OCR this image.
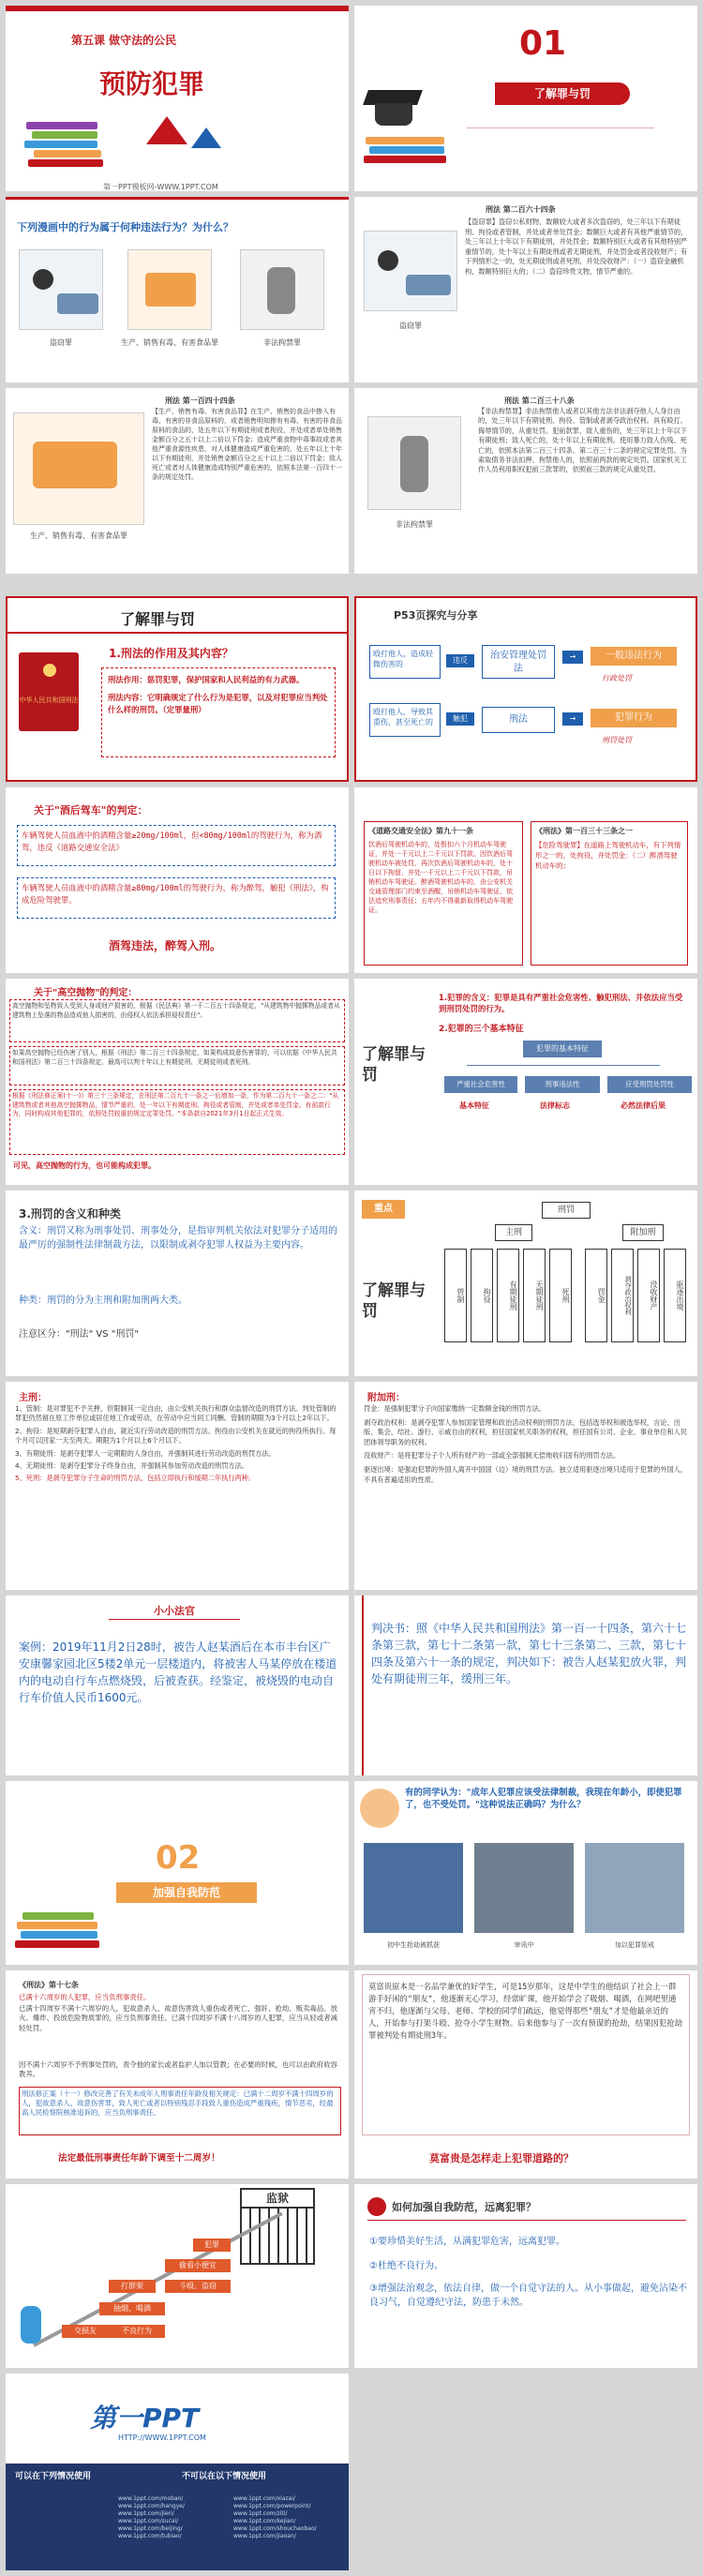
第五课 做守法的公民
预防犯罪
第一PPT模板网-WWW.1PPT.COM
01
了解罪与罚
下列漫画中的行为属于何种违法行为？为什么？
盗窃罪	生产、销售有毒、有害食品罪	非法拘禁罪
盗窃罪
刑法 第二百六十四条
【盗窃罪】盗窃公私财物，数额较大或者多次盗窃的，处三年以下有期徒刑、拘役或者管制，并处或者单处罚金；数额巨大或者有其他严重情节的，处三年以上十年以下有期徒刑，并处罚金；数额特别巨大或者有其他特别严重情节的，处十年以上有期徒刑或者无期徒刑，并处罚金或者没收财产；有下列情形之一的，处无期徒刑或者死刑，并处没收财产：（一）盗窃金融机构，数额特别巨大的；（二）盗窃珍贵文物，情节严重的。
生产、销售有毒、有害食品罪
刑法 第一百四十四条
【生产、销售有毒、有害食品罪】在生产、销售的食品中掺入有毒、有害的非食品原料的，或者销售明知掺有有毒、有害的非食品原料的食品的，处五年以下有期徒刑或者拘役，并处或者单处销售金额百分之五十以上二倍以下罚金；造成严重食物中毒事故或者其他严重食源性疾患，对人体健康造成严重危害的，处五年以上十年以下有期徒刑，并处销售金额百分之五十以上二倍以下罚金；致人死亡或者对人体健康造成特别严重危害的，依照本法第一百四十一条的规定处罚。
非法拘禁罪
刑法 第二百三十八条
【非法拘禁罪】非法拘禁他人或者以其他方法非法剥夺他人人身自由的，处三年以下有期徒刑、拘役、管制或者剥夺政治权利。具有殴打、侮辱情节的，从重处罚。犯前款罪，致人重伤的，处三年以上十年以下有期徒刑；致人死亡的，处十年以上有期徒刑。使用暴力致人伤残、死亡的，依照本法第二百三十四条、第二百三十二条的规定定罪处罚。为索取债务非法扣押、拘禁他人的，依照前两款的规定处罚。国家机关工作人员利用职权犯前三款罪的，依照前三款的规定从重处罚。
了解罪与罚
中华人民共和国刑法
1.刑法的作用及其内容？
刑法作用：惩罚犯罪，保护国家和人民利益的有力武器。
刑法内容：它明确规定了什么行为是犯罪，以及对犯罪应当判处什么样的刑罚。（定罪量刑）
P53页探究与分享
殴打他人，造成轻微伤害的
殴打他人，导致其重伤，甚至死亡的
违反
触犯
治安管理处罚法
刑法
→
→
一般违法行为
行政处罚
犯罪行为
刑罚处罚
关于"酒后驾车"的判定：
车辆驾驶人员血液中的酒精含量≥20mg/100ml，但<80mg/100ml的驾驶行为，称为酒驾，违反《道路交通安全法》
车辆驾驶人员血液中的酒精含量≥80mg/100ml的驾驶行为，称为醉驾，触犯《刑法》，构成危险驾驶罪。
酒驾违法，醉驾入刑。
《道路交通安全法》第九十一条
饮酒后驾驶机动车的，处暂扣六个月机动车驾驶证，并处一千元以上二千元以下罚款。因饮酒后驾驶机动车被处罚，再次饮酒后驾驶机动车的，处十日以下拘留，并处一千元以上二千元以下罚款，吊销机动车驾驶证。醉酒驾驶机动车的，由公安机关交通管理部门约束至酒醒，吊销机动车驾驶证，依法追究刑事责任；五年内不得重新取得机动车驾驶证。
《刑法》第一百三十三条之一
【危险驾驶罪】在道路上驾驶机动车，有下列情形之一的，处拘役，并处罚金：（二）醉酒驾驶机动车的；
关于"高空抛物"的判定：
高空抛物和坠物致人受到人身或财产损害的，根据《民法典》第一千二百五十四条规定，"从建筑物中抛掷物品或者从建筑物上坠落的物品造成他人损害的，由侵权人依法承担侵权责任"。
如果高空抛物已经伤害了别人，根据《刑法》第二百三十四条规定，如果构成故意伤害罪的，可以依据《中华人民共和国刑法》第二百三十四条规定，最高可以判十年以上有期徒刑、无期徒刑或者死刑。
根据《刑法修正案(十一)》第三十三条规定，在刑法第二百九十一条之一后增加一条，作为第二百九十一条之二："从建筑物或者其他高空抛掷物品，情节严重的，处一年以下有期徒刑、拘役或者管制，并处或者单处罚金。有前款行为，同时构成其他犯罪的，依照处罚较重的规定定罪处罚。"本条款自2021年3月1日起正式生效。
可见，高空抛物的行为，也可能构成犯罪。
了解罪与罚
1.犯罪的含义：犯罪是具有严重社会危害性、触犯刑法、并依法应当受到刑罚处罚的行为。
2.犯罪的三个基本特征
犯罪的基本特征
严重社会危害性	刑事违法性	应受刑罚处罚性
基本特征	法律标志	必然法律后果
3.刑罚的含义和种类
含义：刑罚又称为刑事处罚、刑事处分，是指审判机关依法对犯罪分子适用的最严厉的强制性法律制裁方法，以限制或剥夺犯罪人权益为主要内容。
种类：刑罚的分为主刑和附加刑两大类。
注意区分："刑法" VS "刑罚"
重点
了解罪与罚
刑罚
主刑	附加刑
管制	拘役	有期徒刑	无期徒刑	死刑	罚金	剥夺政治权利	没收财产	驱逐出境
主刑：
1、管制：是对罪犯不予关押，但限制其一定自由，由公安机关执行和群众监督改造的刑罚方法。判处管制的罪犯仍然留在原工作单位或居住地工作或劳动，在劳动中应当同工同酬。管制的期限为3个月以上2年以下。
2、拘役：是短期剥夺犯罪人自由，就近实行劳动改造的刑罚方法。拘役由公安机关在就近的拘役所执行。每个月可以回家一天至两天。期限为1个月以上6个月以下。
3、有期徒刑：是剥夺犯罪人一定期限的人身自由，并强制其进行劳动改造的刑罚方法。
4、无期徒刑：是剥夺犯罪分子终身自由，并强制其参加劳动改造的刑罚方法。
5、死刑：是剥夺犯罪分子生命的刑罚方法，包括立即执行和缓期二年执行两种。
附加刑：
罚金：是强制犯罪分子向国家缴纳一定数额金钱的刑罚方法。
剥夺政治权利：是剥夺犯罪人参加国家管理和政治活动权利的刑罚方法，包括选举权和被选举权，言论、出版、集会、结社、游行、示威自由的权利，担任国家机关职务的权利，担任国有公司、企业、事业单位和人民团体领导职务的权利。
没收财产：是将犯罪分子个人所有财产的一部或全部强制无偿地收归国有的刑罚方法。
驱逐出境：是强迫犯罪的外国人离开中国国（边）境的刑罚方法。独立适用驱逐出境只适用于犯罪的外国人，不具有普遍适用的性质。
小小法官
案例：2019年11月2日28时，被告人赵某酒后在本市丰台区广安康馨家园北区5楼2单元一层楼道内，将被害人马某停放在楼道内的电动自行车点燃烧毁，后被查获。经鉴定，被烧毁的电动自行车价值人民币1600元。
判决书：照《中华人民共和国刑法》第一百一十四条，第六十七条第三款，第七十二条第一款，第七十三条第二、三款，第七十四条及第六十一条的规定，判决如下：被告人赵某犯放火罪，判处有期徒刑三年，缓刑三年。
02
加强自我防范
有的同学认为："成年人犯罪应该受法律制裁，我现在年龄小，即使犯罪了，也不受处罚。"这种说法正确吗？为什么？
初中生抢劫被抓获	审讯中	加以犯罪惩戒
《刑法》第十七条
已满十六周岁的人犯罪，应当负刑事责任。
已满十四周岁不满十六周岁的人，犯故意杀人、故意伤害致人重伤或者死亡、强奸、抢劫、贩卖毒品、放火、爆炸、投放危险物质罪的，应当负刑事责任。已满十四周岁不满十八周岁的人犯罪，应当从轻或者减轻处罚。
因不满十六周岁不予刑事处罚的，责令他的家长或者监护人加以管教；在必要的时候，也可以由政府收容教养。
刑法修正案（十一）修改完善了有关未成年人刑事责任年龄及相关规定：已满十二周岁不满十四周岁的人，犯故意杀人、故意伤害罪，致人死亡或者以特别残忍手段致人重伤造成严重残疾，情节恶劣，经最高人民检察院核准追诉的，应当负刑事责任。
法定最低刑事责任年龄下调至十二周岁！
莫富贵原本是一名品学兼优的好学生，可是15岁那年，这是中学生的他结识了社会上一群游手好闲的"朋友"，他逐渐无心学习，经常旷课，他开始学会了吸烟、喝酒，在网吧里通宵不归，他逐渐与父母、老师、学校的同学们疏远，他觉得那些"朋友"才是他最亲近的人，开始参与打架斗殴、抢夺小学生财物。后来他参与了一次有预谋的抢劫，结果因犯抢劫罪被判处有期徒刑3年。
莫富贵是怎样走上犯罪道路的？
监狱
犯罪
偷看小便宜
打群架	斗殴、盗窃
抽烟、喝酒
交损友	不良行为
如何加强自我防范，远离犯罪？
①要珍惜美好生活，从满犯罪危害，远离犯罪。
②杜绝不良行为。
③增强法治观念，依法自律，做一个自觉守法的人。从小事做起，避免沾染不良习气，自觉遵纪守法，防患于未然。
第一PPT
HTTP://WWW.1PPT.COM
可以在下列情况使用	不可以在以下情况使用
www.1ppt.com/moban/
www.1ppt.com/hangye/
www.1ppt.com/jieri/
www.1ppt.com/sucai/
www.1ppt.com/beijing/
www.1ppt.com/tubiao/
www.1ppt.com/xiazai/
www.1ppt.com/powerpoint/
www.1ppt.com/ziti/
www.1ppt.com/kejian/
www.1ppt.com/shouchaobao/
www.1ppt.com/jiaoan/
